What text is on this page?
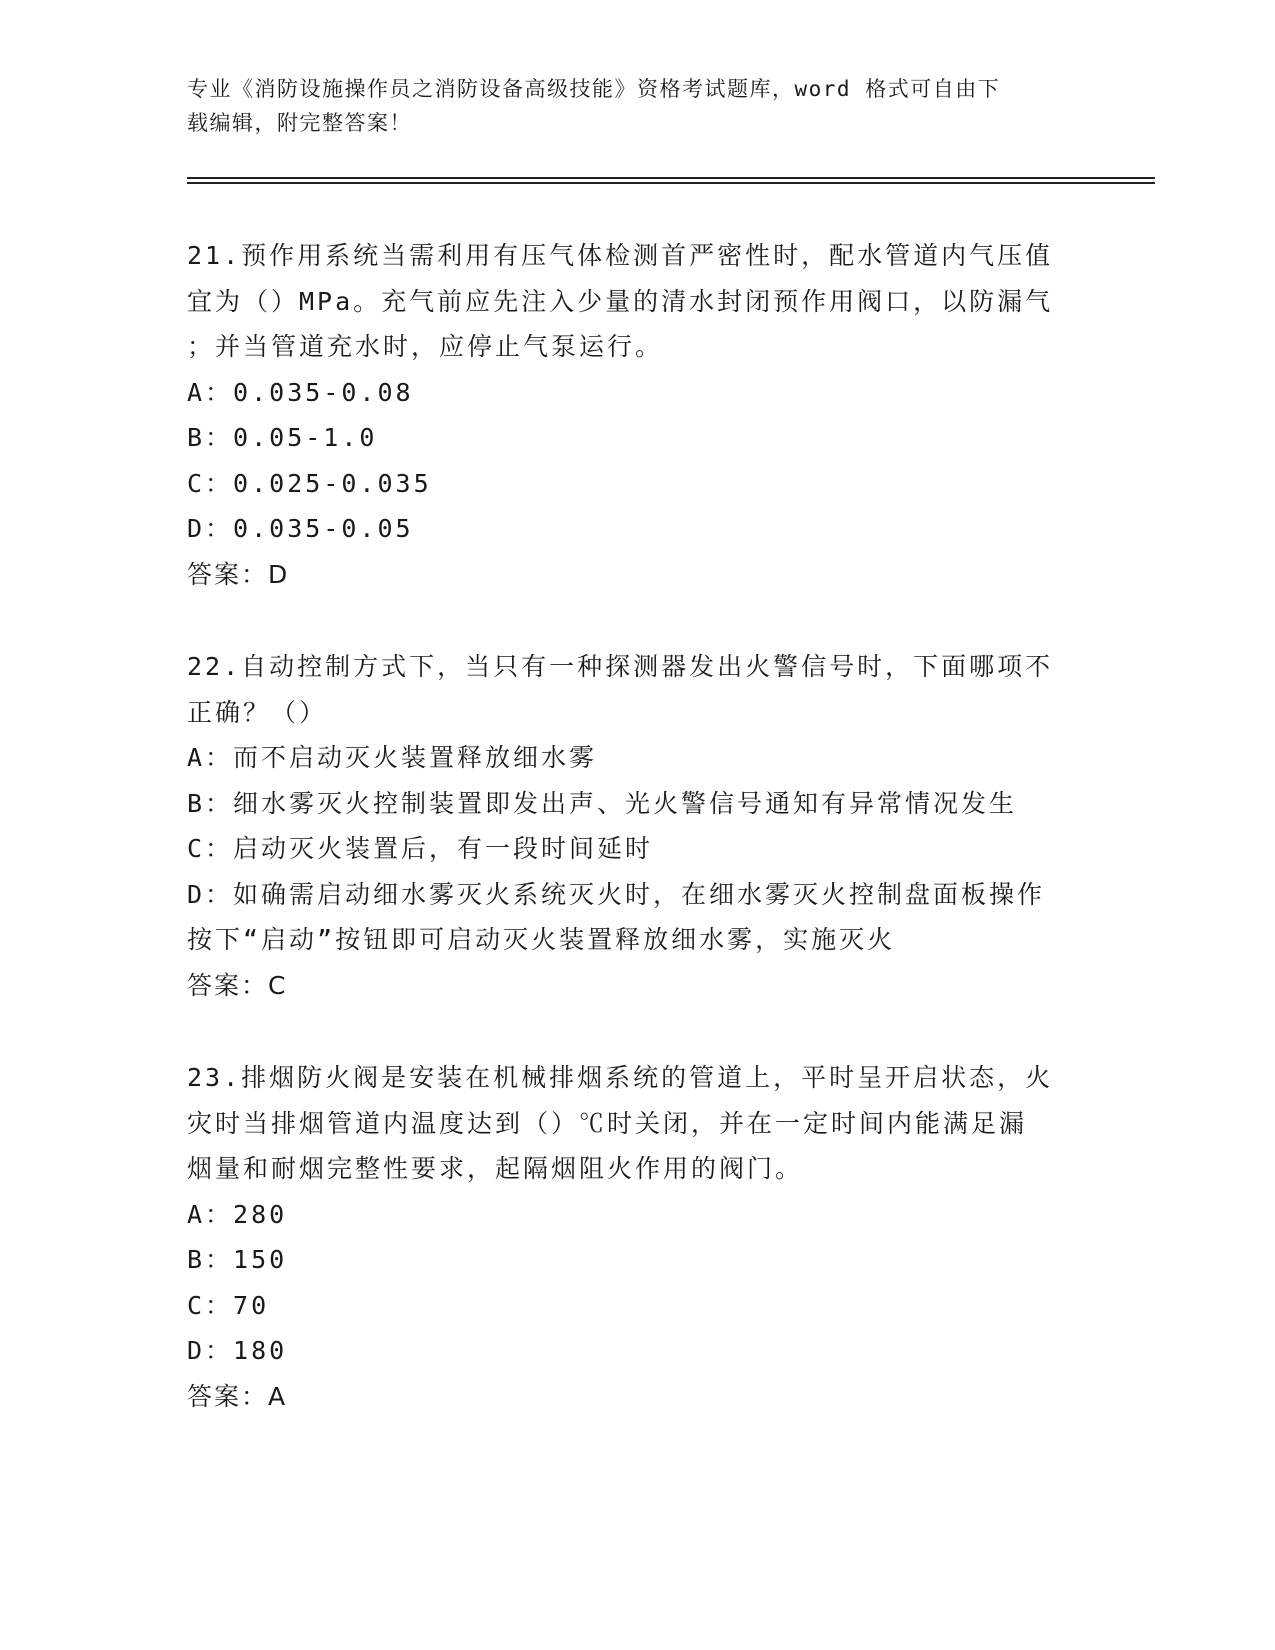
专业《消防设施操作员之消防设备高级技能》资格考试题库，word 格式可自由下
载编辑，附完整答案！
21.预作用系统当需利用有压气体检测首严密性时，配水管道内气压值
宜为（）MPa。充气前应先注入少量的清水封闭预作用阀口，以防漏气
；并当管道充水时，应停止气泵运行。
A：0.035-0.08
B：0.05-1.0
C：0.025-0.035
D：0.035-0.05
答案：D
22.自动控制方式下，当只有一种探测器发出火警信号时，下面哪项不
正确？（）
A：而不启动灭火装置释放细水雾
B：细水雾灭火控制装置即发出声、光火警信号通知有异常情况发生
C：启动灭火装置后，有一段时间延时
D：如确需启动细水雾灭火系统灭火时，在细水雾灭火控制盘面板操作
按下“启动”按钮即可启动灭火装置释放细水雾，实施灭火
答案：C
23.排烟防火阀是安装在机械排烟系统的管道上，平时呈开启状态，火
灾时当排烟管道内温度达到（）℃时关闭，并在一定时间内能满足漏
烟量和耐烟完整性要求，起隔烟阻火作用的阀门。
A：280
B：150
C：70
D：180
答案：A
